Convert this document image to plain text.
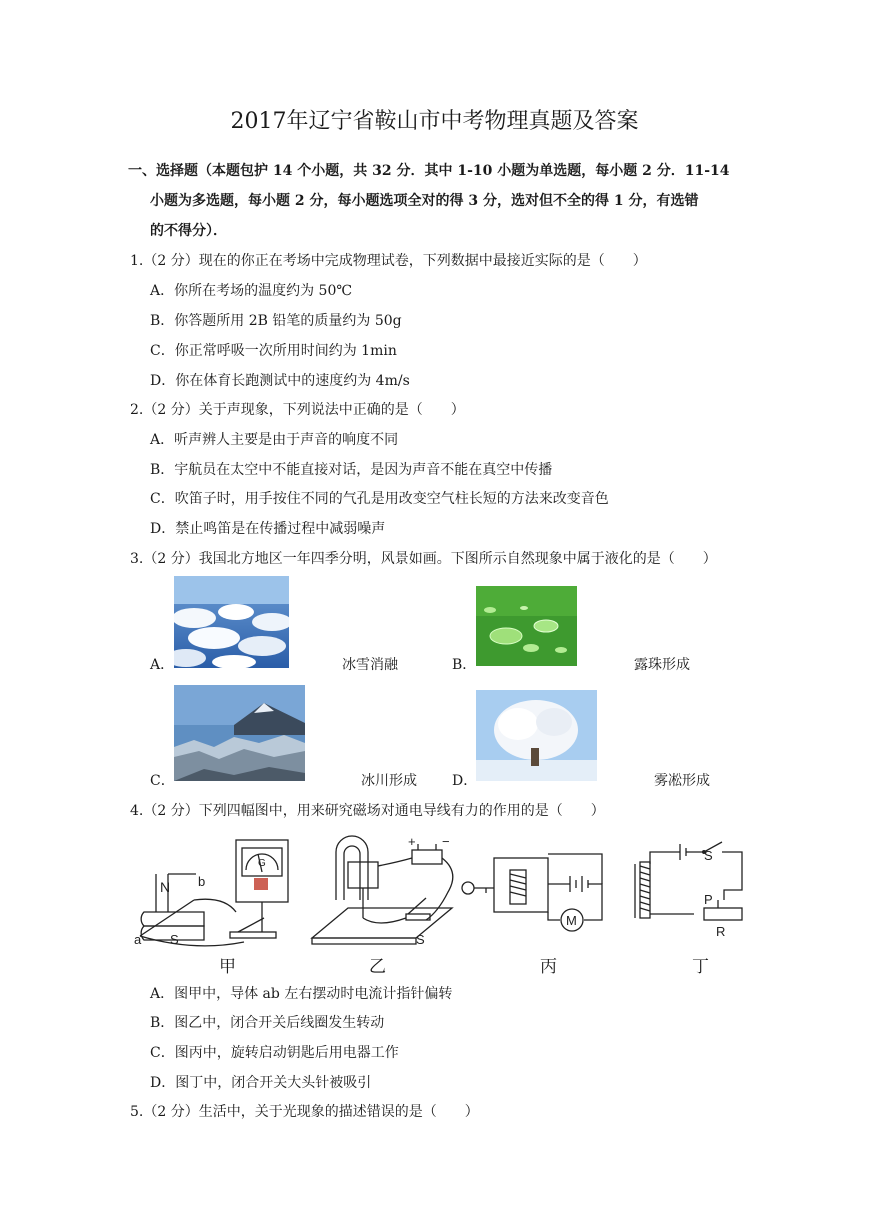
2017年辽宁省鞍山市中考物理真题及答案
一、选择题（本题包护 14 个小题，共 32 分．其中 1-10 小题为单选题，每小题 2 分．11-14
小题为多选题，每小题 2 分，每小题选项全对的得 3 分，选对但不全的得 1 分，有选错
的不得分）．
1.（2 分）现在的你正在考场中完成物理试卷，下列数据中最接近实际的是（　　）
A．你所在考场的温度约为 50℃
B．你答题所用 2B 铅笔的质量约为 50g
C．你正常呼吸一次所用时间约为 1min
D．你在体育长跑测试中的速度约为 4m/s
2.（2 分）关于声现象，下列说法中正确的是（　　）
A．听声辨人主要是由于声音的响度不同
B．宇航员在太空中不能直接对话，是因为声音不能在真空中传播
C．吹笛子时，用手按住不同的气孔是用改变空气柱长短的方法来改变音色
D．禁止鸣笛是在传播过程中减弱噪声
3.（2 分）我国北方地区一年四季分明，风景如画。下图所示自然现象中属于液化的是（　　）
A．	冰雪消融	B．	露珠形成
C．	冰川形成	D．	雾凇形成
4.（2 分）下列四幅图中，用来研究磁场对通电导线有力的作用的是（　　）
N
S
a
b
G
+ −
S
M
S
P
R
甲	乙	丙	丁
A．图甲中，导体 ab 左右摆动时电流计指针偏转
B．图乙中，闭合开关后线圈发生转动
C．图丙中，旋转启动钥匙后用电器工作
D．图丁中，闭合开关大头针被吸引
5.（2 分）生活中，关于光现象的描述错误的是（　　）
